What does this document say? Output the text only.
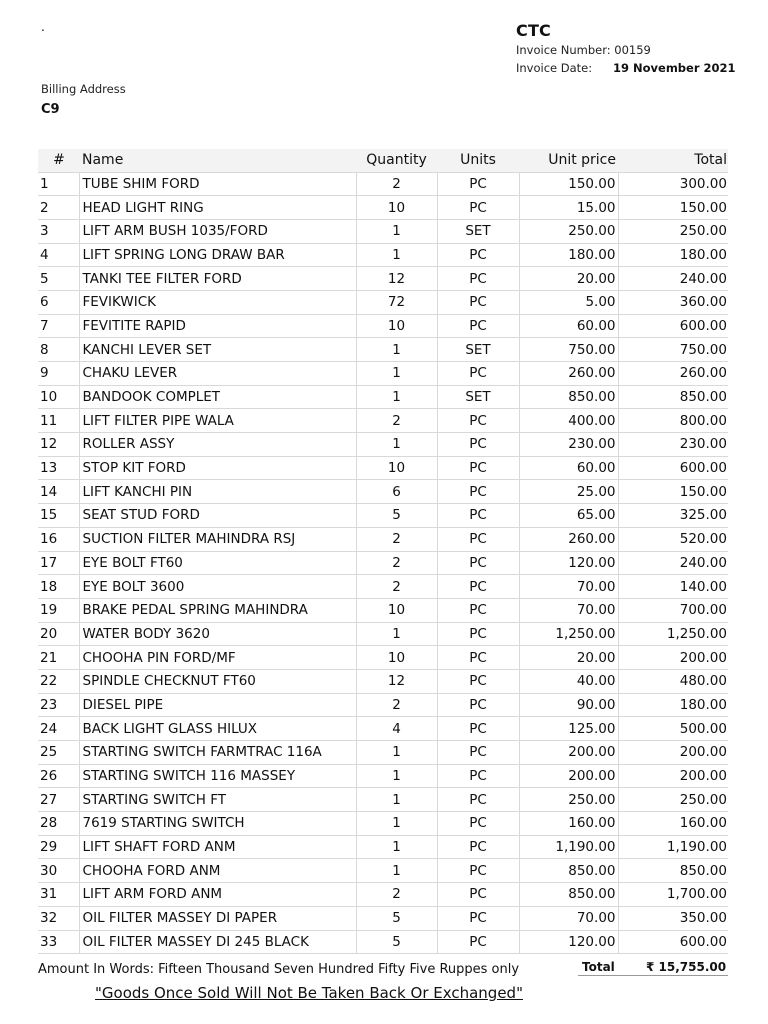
.	CTC
Invoice Number: 00159
Invoice Date: 19 November 2021
Billing Address
C9
#	Name	Quantity	Units	Unit price	Total
1	TUBE SHIM FORD	2	PC	150.00	300.00
2	HEAD LIGHT RING	10	PC	15.00	150.00
3	LIFT ARM BUSH 1035/FORD	1	SET	250.00	250.00
4	LIFT SPRING LONG DRAW BAR	1	PC	180.00	180.00
5	TANKI TEE FILTER FORD	12	PC	20.00	240.00
6	FEVIKWICK	72	PC	5.00	360.00
7	FEVITITE RAPID	10	PC	60.00	600.00
8	KANCHI LEVER SET	1	SET	750.00	750.00
9	CHAKU LEVER	1	PC	260.00	260.00
10	BANDOOK COMPLET	1	SET	850.00	850.00
11	LIFT FILTER PIPE WALA	2	PC	400.00	800.00
12	ROLLER ASSY	1	PC	230.00	230.00
13	STOP KIT FORD	10	PC	60.00	600.00
14	LIFT KANCHI PIN	6	PC	25.00	150.00
15	SEAT STUD FORD	5	PC	65.00	325.00
16	SUCTION FILTER MAHINDRA RSJ	2	PC	260.00	520.00
17	EYE BOLT FT60	2	PC	120.00	240.00
18	EYE BOLT 3600	2	PC	70.00	140.00
19	BRAKE PEDAL SPRING MAHINDRA	10	PC	70.00	700.00
20	WATER BODY 3620	1	PC	1,250.00	1,250.00
21	CHOOHA PIN FORD/MF	10	PC	20.00	200.00
22	SPINDLE CHECKNUT FT60	12	PC	40.00	480.00
23	DIESEL PIPE	2	PC	90.00	180.00
24	BACK LIGHT GLASS HILUX	4	PC	125.00	500.00
25	STARTING SWITCH FARMTRAC 116A	1	PC	200.00	200.00
26	STARTING SWITCH 116 MASSEY	1	PC	200.00	200.00
27	STARTING SWITCH FT	1	PC	250.00	250.00
28	7619 STARTING SWITCH	1	PC	160.00	160.00
29	LIFT SHAFT FORD ANM	1	PC	1,190.00	1,190.00
30	CHOOHA FORD ANM	1	PC	850.00	850.00
31	LIFT ARM FORD ANM	2	PC	850.00	1,700.00
32	OIL FILTER MASSEY DI PAPER	5	PC	70.00	350.00
33	OIL FILTER MASSEY DI 245 BLACK	5	PC	120.00	600.00
Amount In Words: Fifteen Thousand Seven Hundred Fifty Five Ruppes only	Total	₹ 15,755.00
"Goods Once Sold Will Not Be Taken Back Or Exchanged"
